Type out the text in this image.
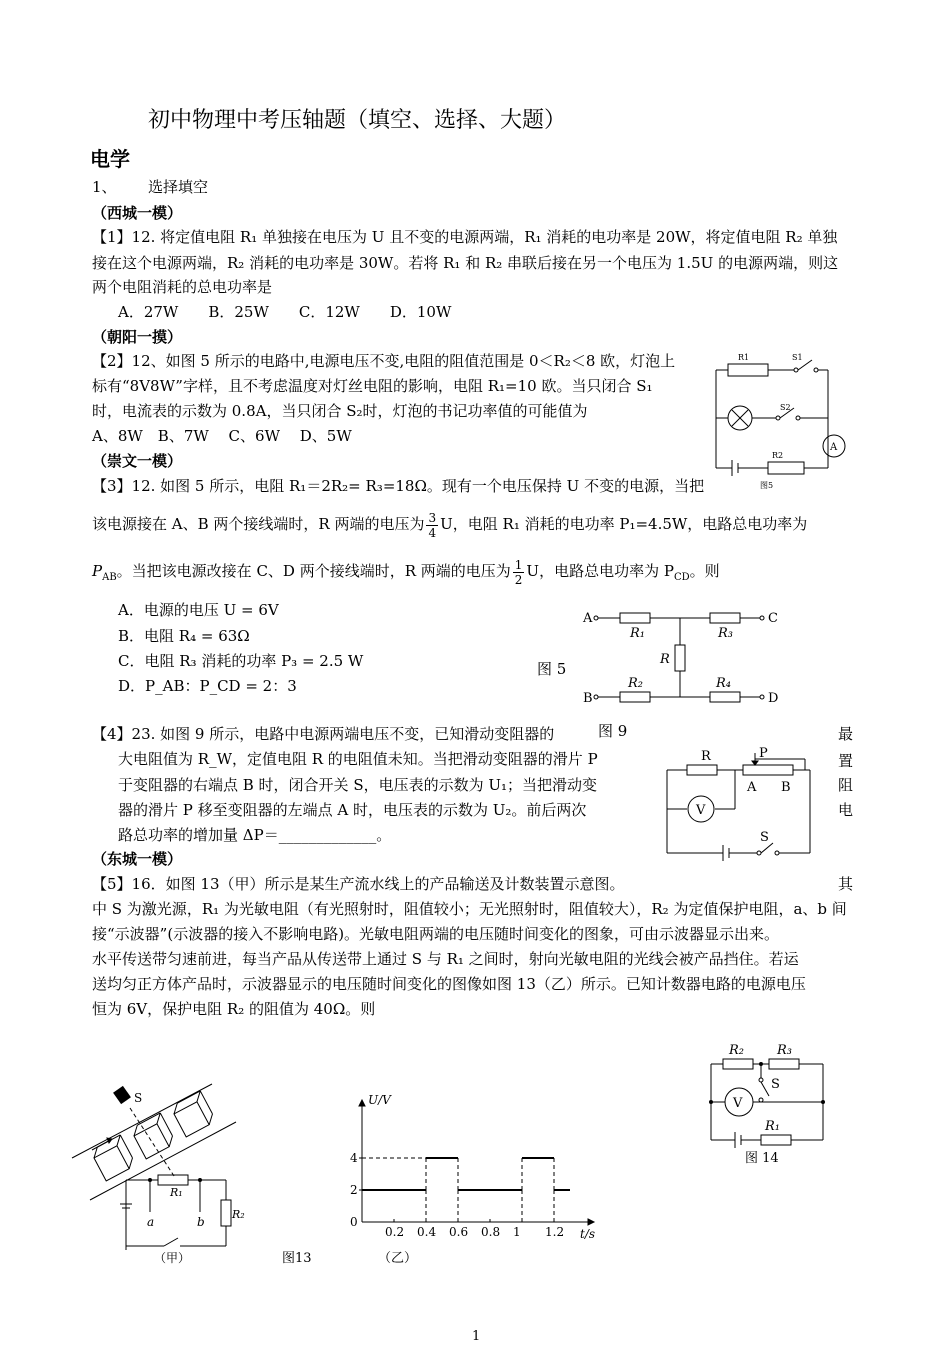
初中物理中考压轴题（填空、选择、大题）
电学
1、 选择填空
（西城一模）
【1】12. 将定值电阻 R₁ 单独接在电压为 U 且不变的电源两端，R₁ 消耗的电功率是 20W，将定值电阻 R₂ 单独
接在这个电源两端，R₂ 消耗的电功率是 30W。若将 R₁ 和 R₂ 串联后接在另一个电压为 1.5U 的电源两端，则这
两个电阻消耗的总电功率是
A．27W　　B．25W　　C．12W　　D．10W
（朝阳一摸）
【2】12、如图 5 所示的电路中,电源电压不变,电阻的阻值范围是 0＜R₂＜8 欧，灯泡上
标有“8V8W”字样，且不考虑温度对灯丝电阻的影响，电阻 R₁=10 欧。当只闭合 S₁
时，电流表的示数为 0.8A，当只闭合 S₂时，灯泡的书记功率值的可能值为
A、8W　B、7W　 C、6W　 D、5W
R1	S1
S2
A
R2
图5
（崇文一模）
【3】12. 如图 5 所示，电阻 R₁＝2R₂= R₃=18Ω。现有一个电压保持 U 不变的电源，当把
该电源接在 A、B 两个接线端时，R 两端的电压为 $\frac{3}{4}$ U，电阻 R₁ 消耗的电功率 P₁=4.5W，电路总电功率为
$P_{AB}$。当把该电源改接在 C、D 两个接线端时，R 两端的电压为 $\frac{1}{2}$ U，电路总电功率为 $P_{CD}$。则
A．电源的电压 U = 6V
B．电阻 R₄ = 63Ω
C．电阻 R₃ 消耗的功率 P₃ = 2.5 W
D．P_AB：P_CD = 2：3
图 5
A
B
C
D
R₁	R₃
R
R₂	R₄
【4】23. 如图 9 所示，电路中电源两端电压不变，已知滑动变阻器的	图 9	最
置
阻
电
大电阻值为 R_W，定值电阻 R 的电阻值未知。当把滑动变阻器的滑片 P
于变阻器的右端点 B 时，闭合开关 S，电压表的示数为 U₁；当把滑动变
器的滑片 P 移至变阻器的左端点 A 时，电压表的示数为 U₂。前后两次
路总功率的增加量 ΔP＝_____________。
R	P
A B
V
S
（东城一模）
【5】16．如图 13（甲）所示是某生产流水线上的产品输送及计数装置示意图。	其
中 S 为激光源，R₁ 为光敏电阻（有光照射时，阻值较小；无光照射时，阻值较大），R₂ 为定值保护电阻，a、b 间
接“示波器”(示波器的接入不影响电路)。光敏电阻两端的电压随时间变化的图象，可由示波器显示出来。
水平传送带匀速前进，每当产品从传送带上通过 S 与 R₁ 之间时，射向光敏电阻的光线会被产品挡住。若运
送均匀正方体产品时，示波器显示的电压随时间变化的图像如图 13（乙）所示。已知计数器电路的电源电压
恒为 6V，保护电阻 R₂ 的阻值为 40Ω。则
S
R₁
R₂
a	b
（甲）	图13	（乙）
4
2
0
0.2 0.4 0.6 0.8 1 1.2
U/V
t/s
R₂	R₃
S
V
R₁
图 14
1
